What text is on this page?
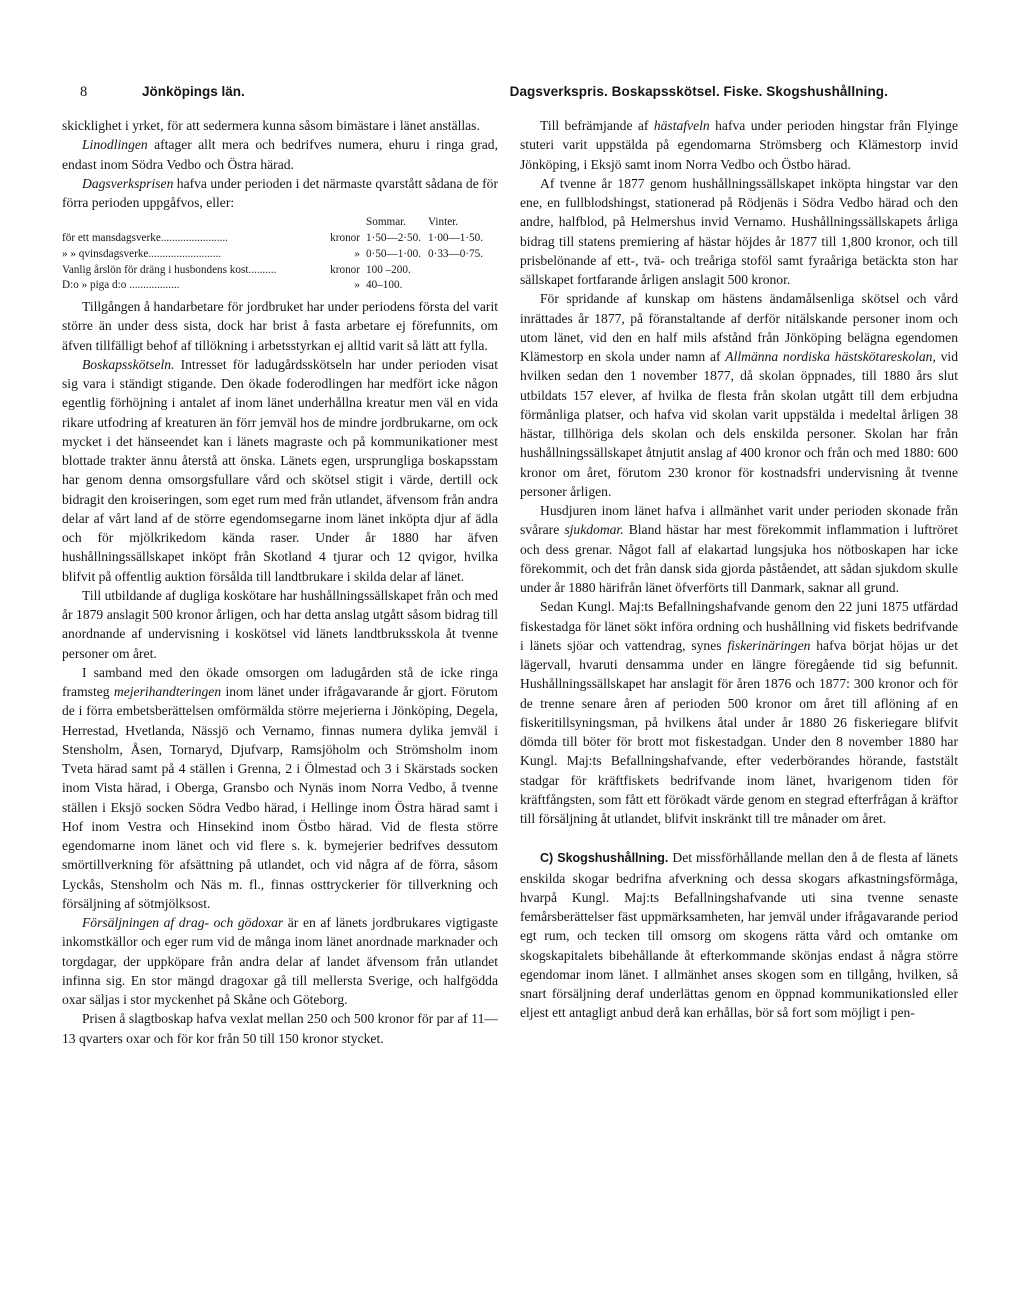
8	Jönköpings län.	Dagsverkspris. Boskapsskötsel. Fiske. Skogshushållning.

skicklighet i yrket, för att sedermera kunna såsom bimästare i länet anställas.

Linodlingen aftager allt mera och bedrifves numera, ehuru i ringa grad, endast inom Södra Vedbo och Östra härad.

Dagsverksprisen hafva under perioden i det närmaste qvarstått sådana de för förra perioden uppgåfvos, eller:

		Sommar.	Vinter.
för ett mansdagsverke........................	kronor	1·50—2·50.	1·00—1·50.
» » qvinsdagsverke..........................	»	0·50—1·00.	0·33—0·75.
Vanlig årslön för dräng i husbondens kost..........	kronor	100 –200.	
D:o » piga d:o ..................	»	40–100.	

Tillgången å handarbetare för jordbruket har under periodens första del varit större än under dess sista, dock har brist å fasta arbetare ej förefunnits, om äfven tillfälligt behof af tillökning i arbetsstyrkan ej alltid varit så lätt att fylla.

Boskapsskötseln. Intresset för ladugårdsskötseln har under perioden visat sig vara i ständigt stigande. Den ökade foderodlingen har medfört icke någon egentlig förhöjning i antalet af inom länet underhållna kreatur men väl en vida rikare utfodring af kreaturen än förr jemväl hos de mindre jordbrukarne, om ock mycket i det hänseendet kan i länets magraste och på kommunikationer mest blottade trakter ännu återstå att önska. Länets egen, ursprungliga boskapsstam har genom denna omsorgsfullare vård och skötsel stigit i värde, dertill ock bidragit den kroiseringen, som eget rum med från utlandet, äfvensom från andra delar af vårt land af de större egendomsegarne inom länet inköpta djur af ädla och för mjölkrikedom kända raser. Under år 1880 har äfven hushållningssällskapet inköpt från Skotland 4 tjurar och 12 qvigor, hvilka blifvit på offentlig auktion försålda till landtbrukare i skilda delar af länet.

Till utbildande af dugliga koskötare har hushållningssällskapet från och med år 1879 anslagit 500 kronor årligen, och har detta anslag utgått såsom bidrag till anordnande af undervisning i koskötsel vid länets landtbruksskola åt tvenne personer om året.

I samband med den ökade omsorgen om ladugården stå de icke ringa framsteg mejerihandteringen inom länet under ifrågavarande år gjort. Förutom de i förra embetsberättelsen omförmälda större mejerierna i Jönköping, Degela, Herrestad, Hvetlanda, Nässjö och Vernamo, finnas numera dylika jemväl i Stensholm, Åsen, Tornaryd, Djufvarp, Ramsjöholm och Strömsholm inom Tveta härad samt på 4 ställen i Grenna, 2 i Ölmestad och 3 i Skärstads socken inom Vista härad, i Oberga, Gransbo och Nynäs inom Norra Vedbo, å tvenne ställen i Eksjö socken Södra Vedbo härad, i Hellinge inom Östra härad samt i Hof inom Vestra och Hinsekind inom Östbo härad. Vid de flesta större egendomarne inom länet och vid flere s. k. bymejerier bedrifves dessutom smörtillverkning för afsättning på utlandet, och vid några af de förra, såsom Lyckås, Stensholm och Näs m. fl., finnas osttryckerier för tillverkning och försäljning af sötmjölksost.

Försäljningen af drag- och gödoxar är en af länets jordbrukares vigtigaste inkomstkällor och eger rum vid de många inom länet anordnade marknader och torgdagar, der uppköpare från andra delar af landet äfvensom från utlandet infinna sig. En stor mängd dragoxar gå till mellersta Sverige, och halfgödda oxar säljas i stor myckenhet på Skåne och Göteborg.

Prisen å slagtboskap hafva vexlat mellan 250 och 500 kronor för par af 11—13 qvarters oxar och för kor från 50 till 150 kronor stycket.

Till befrämjande af hästafveln hafva under perioden hingstar från Flyinge stuteri varit uppstälda på egendomarna Strömsberg och Klämestorp invid Jönköping, i Eksjö samt inom Norra Vedbo och Östbo härad.

Af tvenne år 1877 genom hushållningssällskapet inköpta hingstar var den ene, en fullblodshingst, stationerad på Rödjenäs i Södra Vedbo härad och den andre, halfblod, på Helmershus invid Vernamo. Hushållningssällskapets årliga bidrag till statens premiering af hästar höjdes år 1877 till 1,800 kronor, och till prisbelönande af ett-, tvä- och treåriga stoföl samt fyraåriga betäckta ston har sällskapet fortfarande årligen anslagit 500 kronor.

För spridande af kunskap om hästens ändamålsenliga skötsel och vård inrättades år 1877, på föranstaltande af derför nitälskande personer inom och utom länet, vid den en half mils afstånd från Jönköping belägna egendomen Klämestorp en skola under namn af Allmänna nordiska hästskötareskolan, vid hvilken sedan den 1 november 1877, då skolan öppnades, till 1880 års slut utbildats 157 elever, af hvilka de flesta från skolan utgått till dem erbjudna förmånliga platser, och hafva vid skolan varit uppstälda i medeltal årligen 38 hästar, tillhöriga dels skolan och dels enskilda personer. Skolan har från hushållningssällskapet åtnjutit anslag af 400 kronor och från och med 1880: 600 kronor om året, förutom 230 kronor för kostnadsfri undervisning åt tvenne personer årligen.

Husdjuren inom länet hafva i allmänhet varit under perioden skonade från svårare sjukdomar. Bland hästar har mest förekommit inflammation i luftröret och dess grenar. Något fall af elakartad lungsjuka hos nötboskapen har icke förekommit, och det från dansk sida gjorda påståendet, att sådan sjukdom skulle under år 1880 härifrån länet öfverförts till Danmark, saknar all grund.

Sedan Kungl. Maj:ts Befallningshafvande genom den 22 juni 1875 utfärdad fiskestadga för länet sökt införa ordning och hushållning vid fiskets bedrifvande i länets sjöar och vattendrag, synes fiskerinäringen hafva börjat höjas ur det lägervall, hvaruti densamma under en längre föregående tid sig befunnit. Hushållningssällskapet har anslagit för åren 1876 och 1877: 300 kronor och för de trenne senare åren af perioden 500 kronor om året till aflöning af en fiskeritillsyningsman, på hvilkens åtal under år 1880 26 fiskeriegare blifvit dömda till böter för brott mot fiskestadgan. Under den 8 november 1880 har Kungl. Maj:ts Befallningshafvande, efter vederbörandes hörande, faststält stadgar för kräftfiskets bedrifvande inom länet, hvarigenom tiden för kräftfångsten, som fått ett förökadt värde genom en stegrad efterfrågan å kräftor till försäljning åt utlandet, blifvit inskränkt till tre månader om året.

C) Skogshushållning. Det missförhållande mellan den å de flesta af länets enskilda skogar bedrifna afverkning och dessa skogars afkastningsförmåga, hvarpå Kungl. Maj:ts Befallningshafvande uti sina tvenne senaste femårsberättelser fäst uppmärksamheten, har jemväl under ifrågavarande period egt rum, och tecken till omsorg om skogens rätta vård och omtanke om skogskapitalets bibehållande åt efterkommande skönjas endast å några större egendomar inom länet. I allmänhet anses skogen som en tillgång, hvilken, så snart försäljning deraf underlättas genom en öppnad kommunikationsled eller eljest ett antagligt anbud derå kan erhållas, bör så fort som möjligt i pen-
